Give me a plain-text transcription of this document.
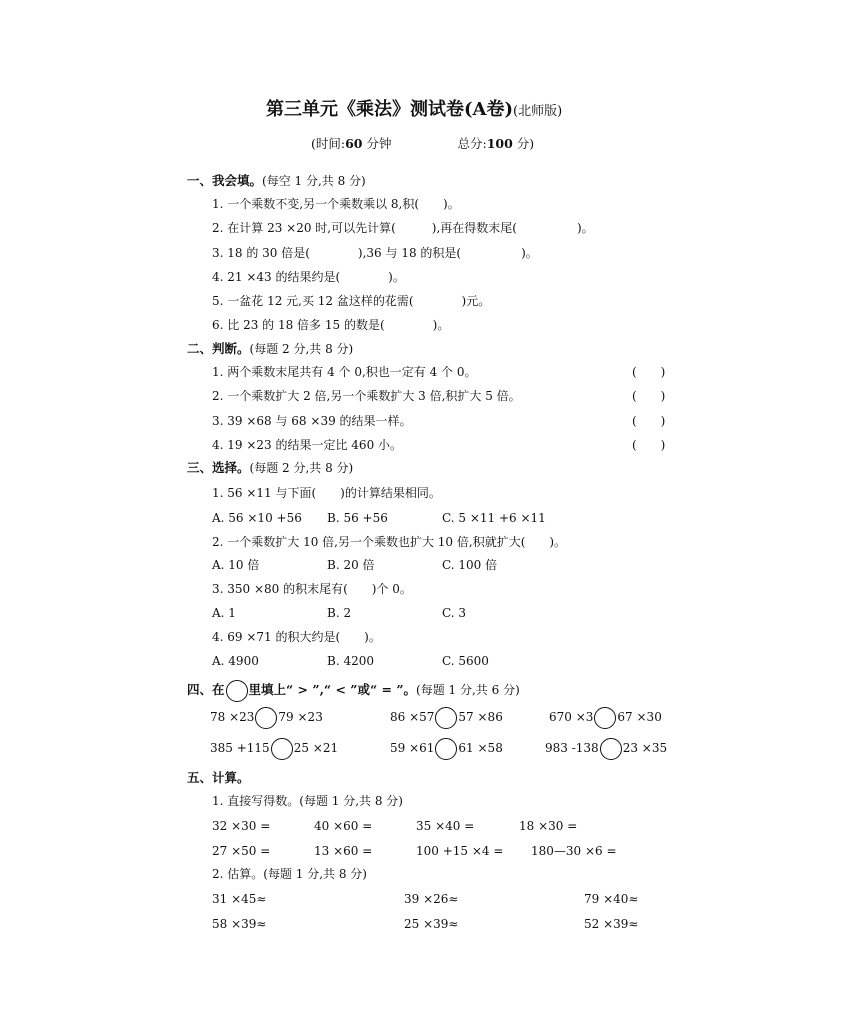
第三单元《乘法》测试卷(A卷)(北师版)
(时间:60 分钟	总分:100 分)
一、我会填。(每空 1 分,共 8 分)
1. 一个乘数不变,另一个乘数乘以 8,积(　　)。
2. 在计算 23 ×20 时,可以先计算(　　　),再在得数末尾(　　　　　)。
3. 18 的 30 倍是(　　　　),36 与 18 的积是(　　　　　)。
4. 21 ×43 的结果约是(　　　　)。
5. 一盆花 12 元,买 12 盆这样的花需(　　　　)元。
6. 比 23 的 18 倍多 15 的数是(　　　　)。
二、判断。(每题 2 分,共 8 分)
1. 两个乘数末尾共有 4 个 0,积也一定有 4 个 0。	(　　)
2. 一个乘数扩大 2 倍,另一个乘数扩大 3 倍,积扩大 5 倍。	(　　)
3. 39 ×68 与 68 ×39 的结果一样。	(　　)
4. 19 ×23 的结果一定比 460 小。	(　　)
三、选择。(每题 2 分,共 8 分)
1. 56 ×11 与下面(　　)的计算结果相同。
A. 56 ×10 +56 B. 56 +56	C. 5 ×11 +6 ×11
2. 一个乘数扩大 10 倍,另一个乘数也扩大 10 倍,积就扩大(　　)。
A. 10 倍	B. 20 倍	C. 100 倍
3. 350 ×80 的积末尾有(　　)个 0。
A. 1	B. 2	C. 3
4. 69 ×71 的积大约是(　　)。
A. 4900	B. 4200	C. 5600
四、在 里填上“ > ”,“ < ”或“ = ”。(每题 1 分,共 6 分)
78 ×23 79 ×23	86 ×57 57 ×86	670 ×3 67 ×30
385 +115 25 ×21	59 ×61 61 ×58	983 -138 23 ×35
五、计算。
1. 直接写得数。(每题 1 分,共 8 分)
32 ×30 =	40 ×60 =	35 ×40 =	18 ×30 =
27 ×50 =	13 ×60 =	100 +15 ×4 = 180—30 ×6 =
2. 估算。(每题 1 分,共 8 分)
31 ×45≈	39 ×26≈	79 ×40≈
58 ×39≈	25 ×39≈	52 ×39≈
